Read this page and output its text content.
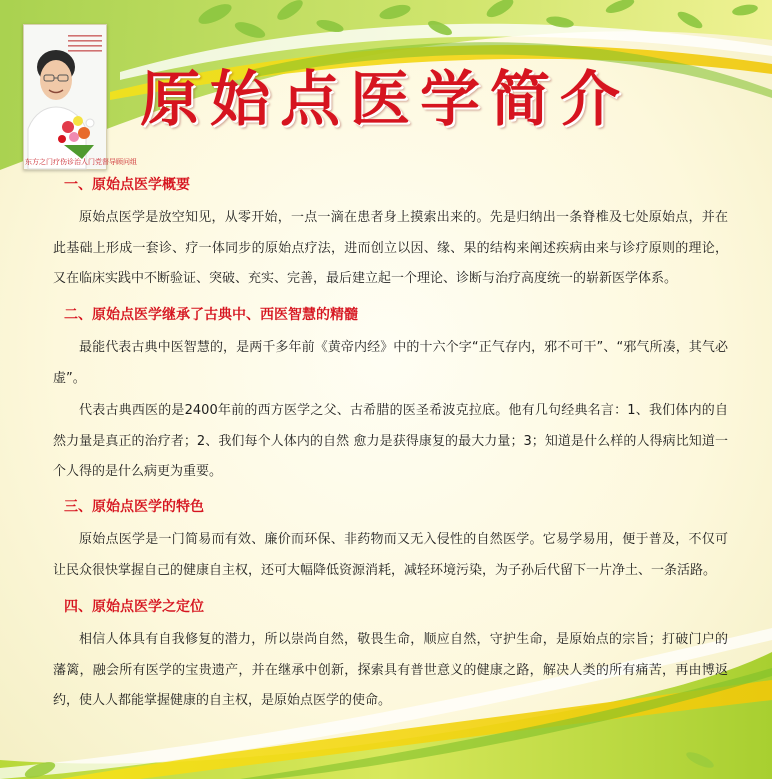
东方之门疗伤诊治人门党督导顾问组
原始点医学简介
一、原始点医学概要

原始点医学是放空知见，从零开始，一点一滴在患者身上摸索出来的。先是归纳出一条脊椎及七处原始点，并在此基础上形成一套诊、疗一体同步的原始点疗法，进而创立以因、缘、果的结构来阐述疾病由来与诊疗原则的理论，又在临床实践中不断验证、突破、充实、完善，最后建立起一个理论、诊断与治疗高度统一的崭新医学体系。

二、原始点医学继承了古典中、西医智慧的精髓

最能代表古典中医智慧的，是两千多年前《黄帝内经》中的十六个字“正气存内，邪不可干”、“邪气所凑，其气必虚”。

代表古典西医的是2400年前的西方医学之父、古希腊的医圣希波克拉底。他有几句经典名言：1、我们体内的自然力量是真正的治疗者；2、我们每个人体内的自然 愈力是获得康复的最大力量；3；知道是什么样的人得病比知道一个人得的是什么病更为重要。

三、原始点医学的特色

原始点医学是一门简易而有效、廉价而环保、非药物而又无入侵性的自然医学。它易学易用，便于普及，不仅可让民众很快掌握自己的健康自主权，还可大幅降低资源消耗，减轻环境污染，为子孙后代留下一片净土、一条活路。

四、原始点医学之定位

相信人体具有自我修复的潜力，所以崇尚自然，敬畏生命，顺应自然，守护生命，是原始点的宗旨；打破门户的藩篱，融会所有医学的宝贵遗产，并在继承中创新，探索具有普世意义的健康之路，解决人类的所有痛苦，再由博返约，使人人都能掌握健康的自主权，是原始点医学的使命。
